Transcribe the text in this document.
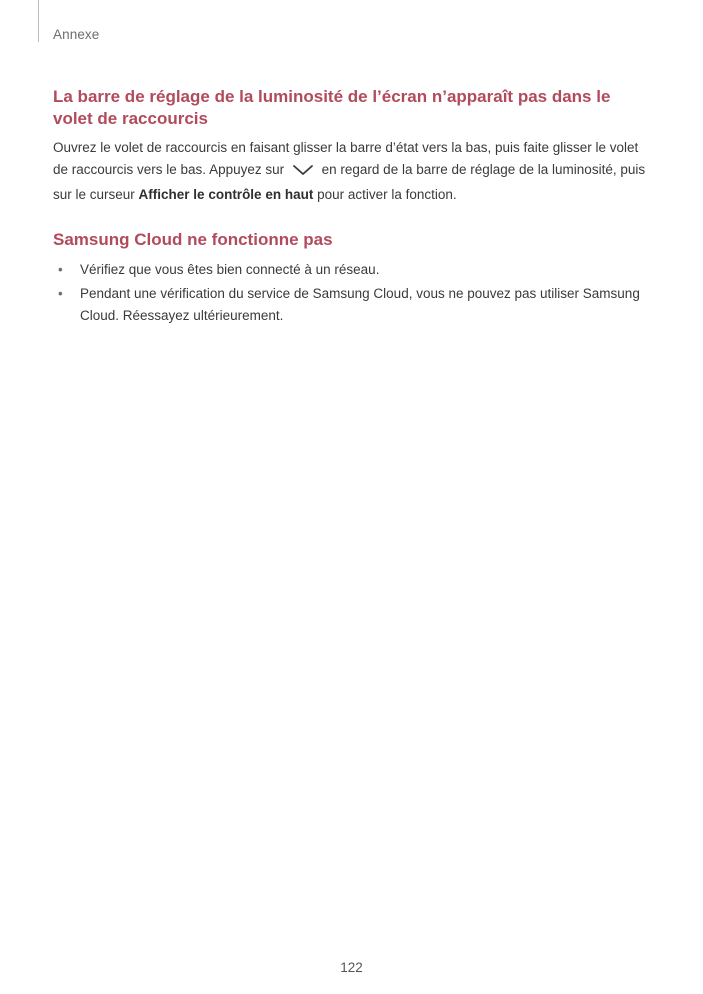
Annexe
La barre de réglage de la luminosité de l’écran n’apparaît pas dans le volet de raccourcis

Ouvrez le volet de raccourcis en faisant glisser la barre d’état vers la bas, puis faite glisser le volet de raccourcis vers le bas. Appuyez sur	en regard de la barre de réglage de la luminosité, puis sur le curseur Afficher le contrôle en haut pour activer la fonction.

Samsung Cloud ne fonctionne pas
• Vérifiez que vous êtes bien connecté à un réseau.
• Pendant une vérification du service de Samsung Cloud, vous ne pouvez pas utiliser Samsung Cloud. Réessayez ultérieurement.
122
